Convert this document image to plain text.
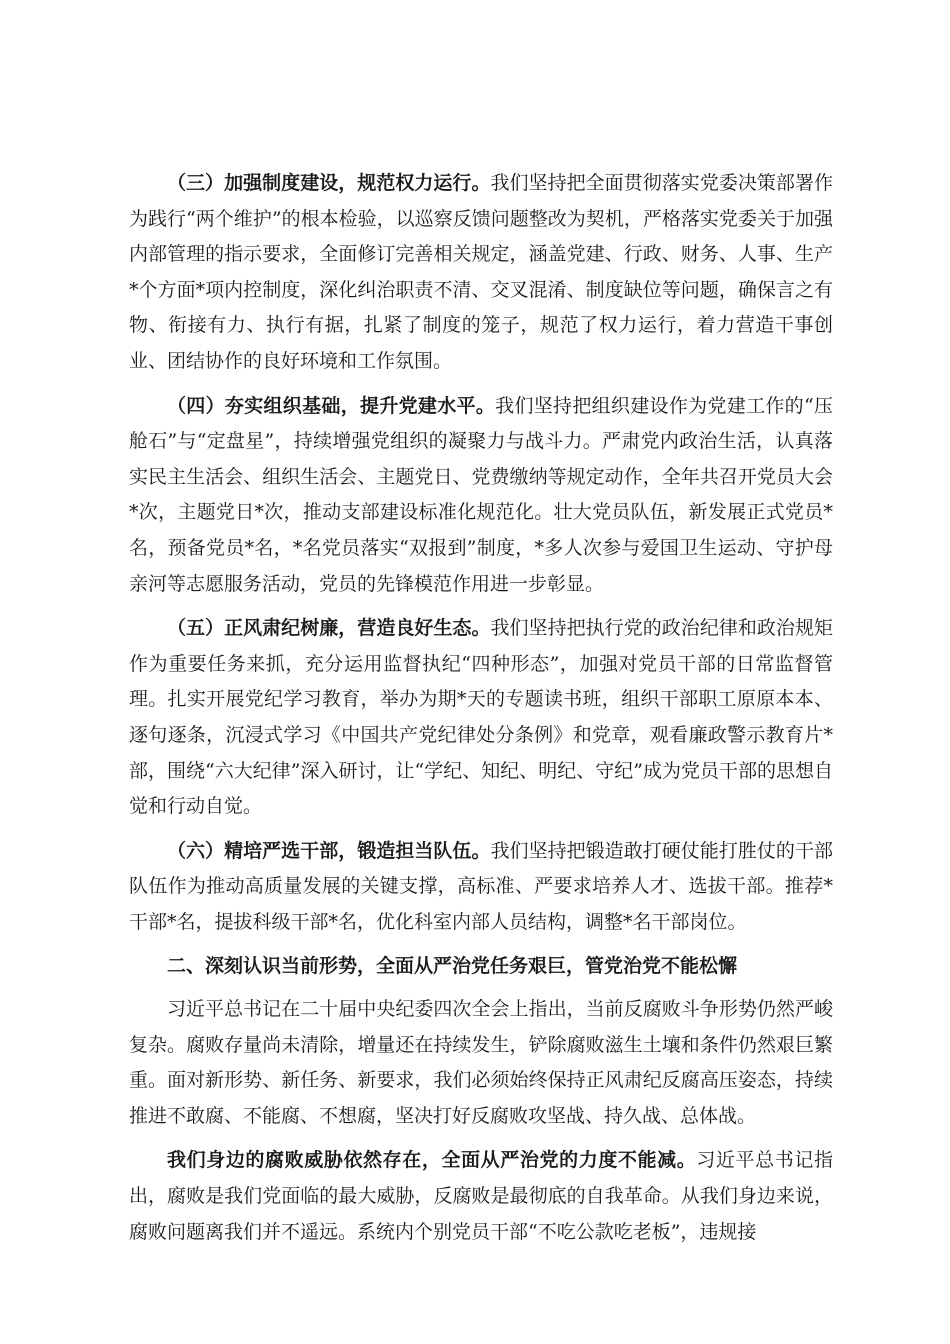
（三）加强制度建设，规范权力运行。我们坚持把全面贯彻落实党委决策部署作为践行“两个维护”的根本检验，以巡察反馈问题整改为契机，严格落实党委关于加强内部管理的指示要求，全面修订完善相关规定，涵盖党建、行政、财务、人事、生产*个方面*项内控制度，深化纠治职责不清、交叉混淆、制度缺位等问题，确保言之有物、衔接有力、执行有据，扎紧了制度的笼子，规范了权力运行，着力营造干事创业、团结协作的良好环境和工作氛围。

（四）夯实组织基础，提升党建水平。我们坚持把组织建设作为党建工作的“压舱石”与“定盘星”，持续增强党组织的凝聚力与战斗力。严肃党内政治生活，认真落实民主生活会、组织生活会、主题党日、党费缴纳等规定动作，全年共召开党员大会*次，主题党日*次，推动支部建设标准化规范化。壮大党员队伍，新发展正式党员*名，预备党员*名，*名党员落实“双报到”制度，*多人次参与爱国卫生运动、守护母亲河等志愿服务活动，党员的先锋模范作用进一步彰显。

（五）正风肃纪树廉，营造良好生态。我们坚持把执行党的政治纪律和政治规矩作为重要任务来抓，充分运用监督执纪“四种形态”，加强对党员干部的日常监督管理。扎实开展党纪学习教育，举办为期*天的专题读书班，组织干部职工原原本本、逐句逐条，沉浸式学习《中国共产党纪律处分条例》和党章，观看廉政警示教育片*部，围绕“六大纪律”深入研讨，让“学纪、知纪、明纪、守纪”成为党员干部的思想自觉和行动自觉。

（六）精培严选干部，锻造担当队伍。我们坚持把锻造敢打硬仗能打胜仗的干部队伍作为推动高质量发展的关键支撑，高标准、严要求培养人才、选拔干部。推荐*干部*名，提拔科级干部*名，优化科室内部人员结构，调整*名干部岗位。

二、深刻认识当前形势，全面从严治党任务艰巨，管党治党不能松懈

习近平总书记在二十届中央纪委四次全会上指出，当前反腐败斗争形势仍然严峻复杂。腐败存量尚未清除，增量还在持续发生，铲除腐败滋生土壤和条件仍然艰巨繁重。面对新形势、新任务、新要求，我们必须始终保持正风肃纪反腐高压姿态，持续推进不敢腐、不能腐、不想腐，坚决打好反腐败攻坚战、持久战、总体战。

我们身边的腐败威胁依然存在，全面从严治党的力度不能减。习近平总书记指出，腐败是我们党面临的最大威胁，反腐败是最彻底的自我革命。从我们身边来说，腐败问题离我们并不遥远。系统内个别党员干部“不吃公款吃老板”，违规接
